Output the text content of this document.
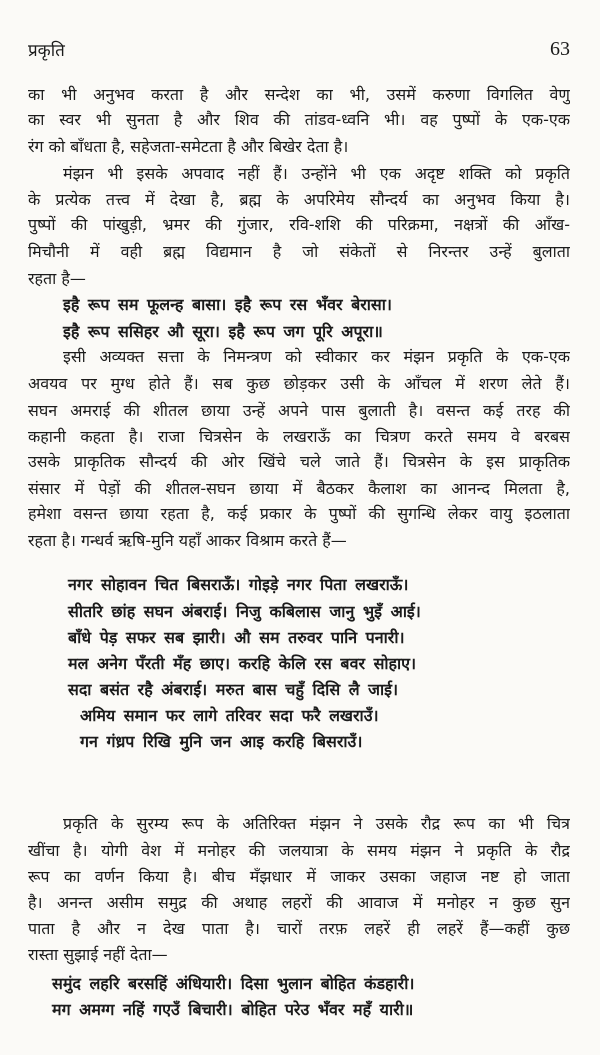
प्रकृति	63
का भी अनुभव करता है और सन्देश का भी, उसमें करुणा विगलित वेणु
का स्वर भी सुनता है और शिव की तांडव-ध्वनि भी। वह पुष्पों के एक-एक
रंग को बाँधता है, सहेजता-समेटता है और बिखेर देता है।
मंझन भी इसके अपवाद नहीं हैं। उन्होंने भी एक अदृष्ट शक्ति को प्रकृति
के प्रत्येक तत्त्व में देखा है, ब्रह्म के अपरिमेय सौन्दर्य का अनुभव किया है।
पुष्पों की पांखुड़ी, भ्रमर की गुंजार, रवि-शशि की परिक्रमा, नक्षत्रों की आँख-
मिचौनी में वही ब्रह्म विद्यमान है जो संकेतों से निरन्तर उन्हें बुलाता
रहता है—
इहै रूप सम फूलन्ह बासा। इहै रूप रस भँवर बेरासा।
इहै रूप ससिहर औ सूरा। इहै रूप जग पूरि अपूरा॥
इसी अव्यक्त सत्ता के निमन्त्रण को स्वीकार कर मंझन प्रकृति के एक-एक
अवयव पर मुग्ध होते हैं। सब कुछ छोड़कर उसी के आँचल में शरण लेते हैं।
सघन अमराई की शीतल छाया उन्हें अपने पास बुलाती है। वसन्त कई तरह की
कहानी कहता है। राजा चित्रसेन के लखराऊँ का चित्रण करते समय वे बरबस
उसके प्राकृतिक सौन्दर्य की ओर खिंचे चले जाते हैं। चित्रसेन के इस प्राकृतिक
संसार में पेड़ों की शीतल-सघन छाया में बैठकर कैलाश का आनन्द मिलता है,
हमेशा वसन्त छाया रहता है, कई प्रकार के पुष्पों की सुगन्धि लेकर वायु इठलाता
रहता है। गन्धर्व ऋषि-मुनि यहाँ आकर विश्राम करते हैं—
नगर सोहावन चित बिसराऊँ। गोइड़े नगर पिता लखराऊँ।
सीतरि छांह सघन अंबराई। निजु कबिलास जानु भुइँ आई।
बाँधे पेड़ सफर सब झारी। औ सम तरुवर पानि पनारी।
मल अनेग पँरती मँह छाए। करहि केलि रस बवर सोहाए।
सदा बसंत रहै अंबराई। मरुत बास चहुँ दिसि लै जाई।
अमिय समान फर लागे तरिवर सदा फरै लखराउँ।
गन गंध्रप रिखि मुनि जन आइ करहि बिसराउँ।
प्रकृति के सुरम्य रूप के अतिरिक्त मंझन ने उसके रौद्र रूप का भी चित्र
खींचा है। योगी वेश में मनोहर की जलयात्रा के समय मंझन ने प्रकृति के रौद्र
रूप का वर्णन किया है। बीच मँझधार में जाकर उसका जहाज नष्ट हो जाता
है। अनन्त असीम समुद्र की अथाह लहरों की आवाज में मनोहर न कुछ सुन
पाता है और न देख पाता है। चारों तरफ़ लहरें ही लहरें हैं—कहीं कुछ
रास्ता सुझाई नहीं देता—
समुंद लहरि बरसहिं अंधियारी। दिसा भुलान बोहित कंडहारी।
मग अमग्ग नहिं गएउँ बिचारी। बोहित परेउ भँवर महँ यारी॥
